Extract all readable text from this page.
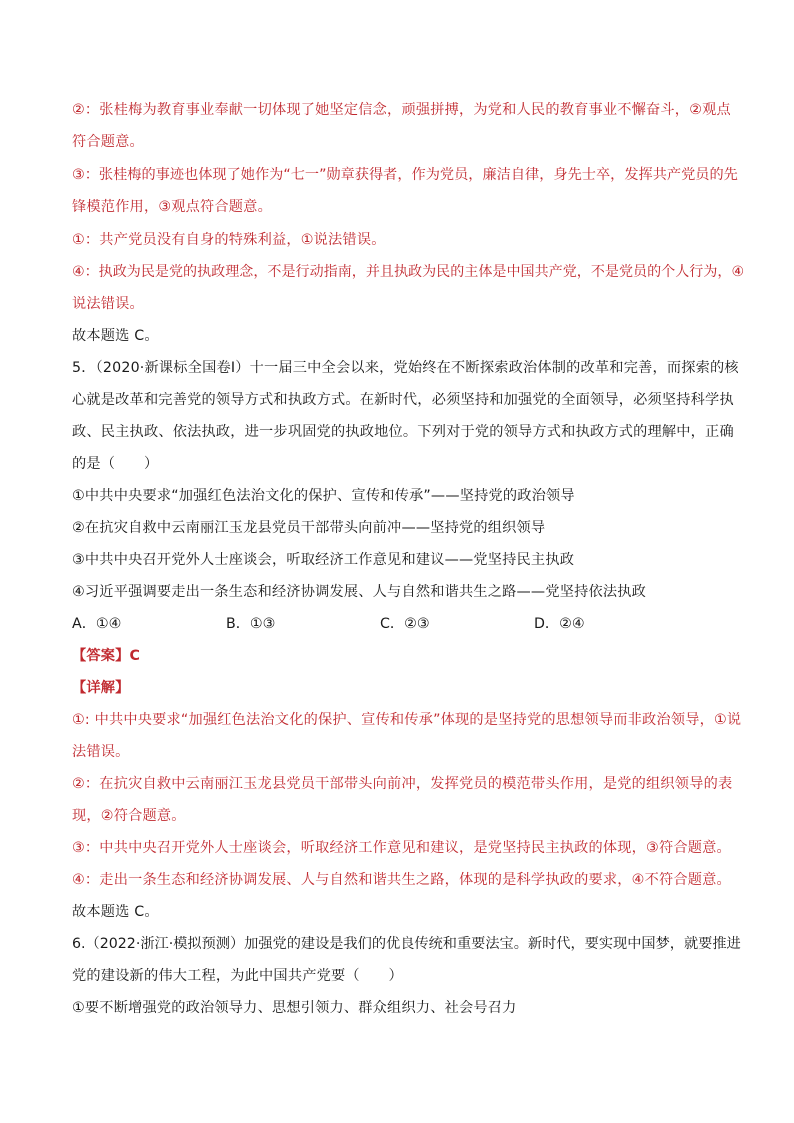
②：张桂梅为教育事业奉献一切体现了她坚定信念，顽强拼搏，为党和人民的教育事业不懈奋斗，②观点
符合题意。
③：张桂梅的事迹也体现了她作为“七一”勋章获得者，作为党员，廉洁自律，身先士卒，发挥共产党员的先
锋模范作用，③观点符合题意。
①：共产党员没有自身的特殊利益，①说法错误。
④：执政为民是党的执政理念，不是行动指南，并且执政为民的主体是中国共产党，不是党员的个人行为，④
说法错误。
故本题选 C。
5．（2020·新课标全国卷Ⅰ）十一届三中全会以来，党始终在不断探索政治体制的改革和完善，而探索的核
心就是改革和完善党的领导方式和执政方式。在新时代，必须坚持和加强党的全面领导，必须坚持科学执
政、民主执政、依法执政，进一步巩固党的执政地位。下列对于党的领导方式和执政方式的理解中，正确
的是（　　）
①中共中央要求“加强红色法治文化的保护、宣传和传承”——坚持党的政治领导
②在抗灾自救中云南丽江玉龙县党员干部带头向前冲——坚持党的组织领导
③中共中央召开党外人士座谈会，听取经济工作意见和建议——党坚持民主执政
④习近平强调要走出一条生态和经济协调发展、人与自然和谐共生之路——党坚持依法执政
A．①④	B．①③	C．②③	D．②④
【答案】C
【详解】
①: 中共中央要求“加强红色法治文化的保护、宣传和传承”体现的是坚持党的思想领导而非政治领导，①说
法错误。
②：在抗灾自救中云南丽江玉龙县党员干部带头向前冲，发挥党员的模范带头作用，是党的组织领导的表
现，②符合题意。
③：中共中央召开党外人士座谈会，听取经济工作意见和建议，是党坚持民主执政的体现，③符合题意。
④：走出一条生态和经济协调发展、人与自然和谐共生之路，体现的是科学执政的要求，④不符合题意。
故本题选 C。
6.（2022·浙江·模拟预测）加强党的建设是我们的优良传统和重要法宝。新时代，要实现中国梦，就要推进
党的建设新的伟大工程，为此中国共产党要（　　）
①要不断增强党的政治领导力、思想引领力、群众组织力、社会号召力
